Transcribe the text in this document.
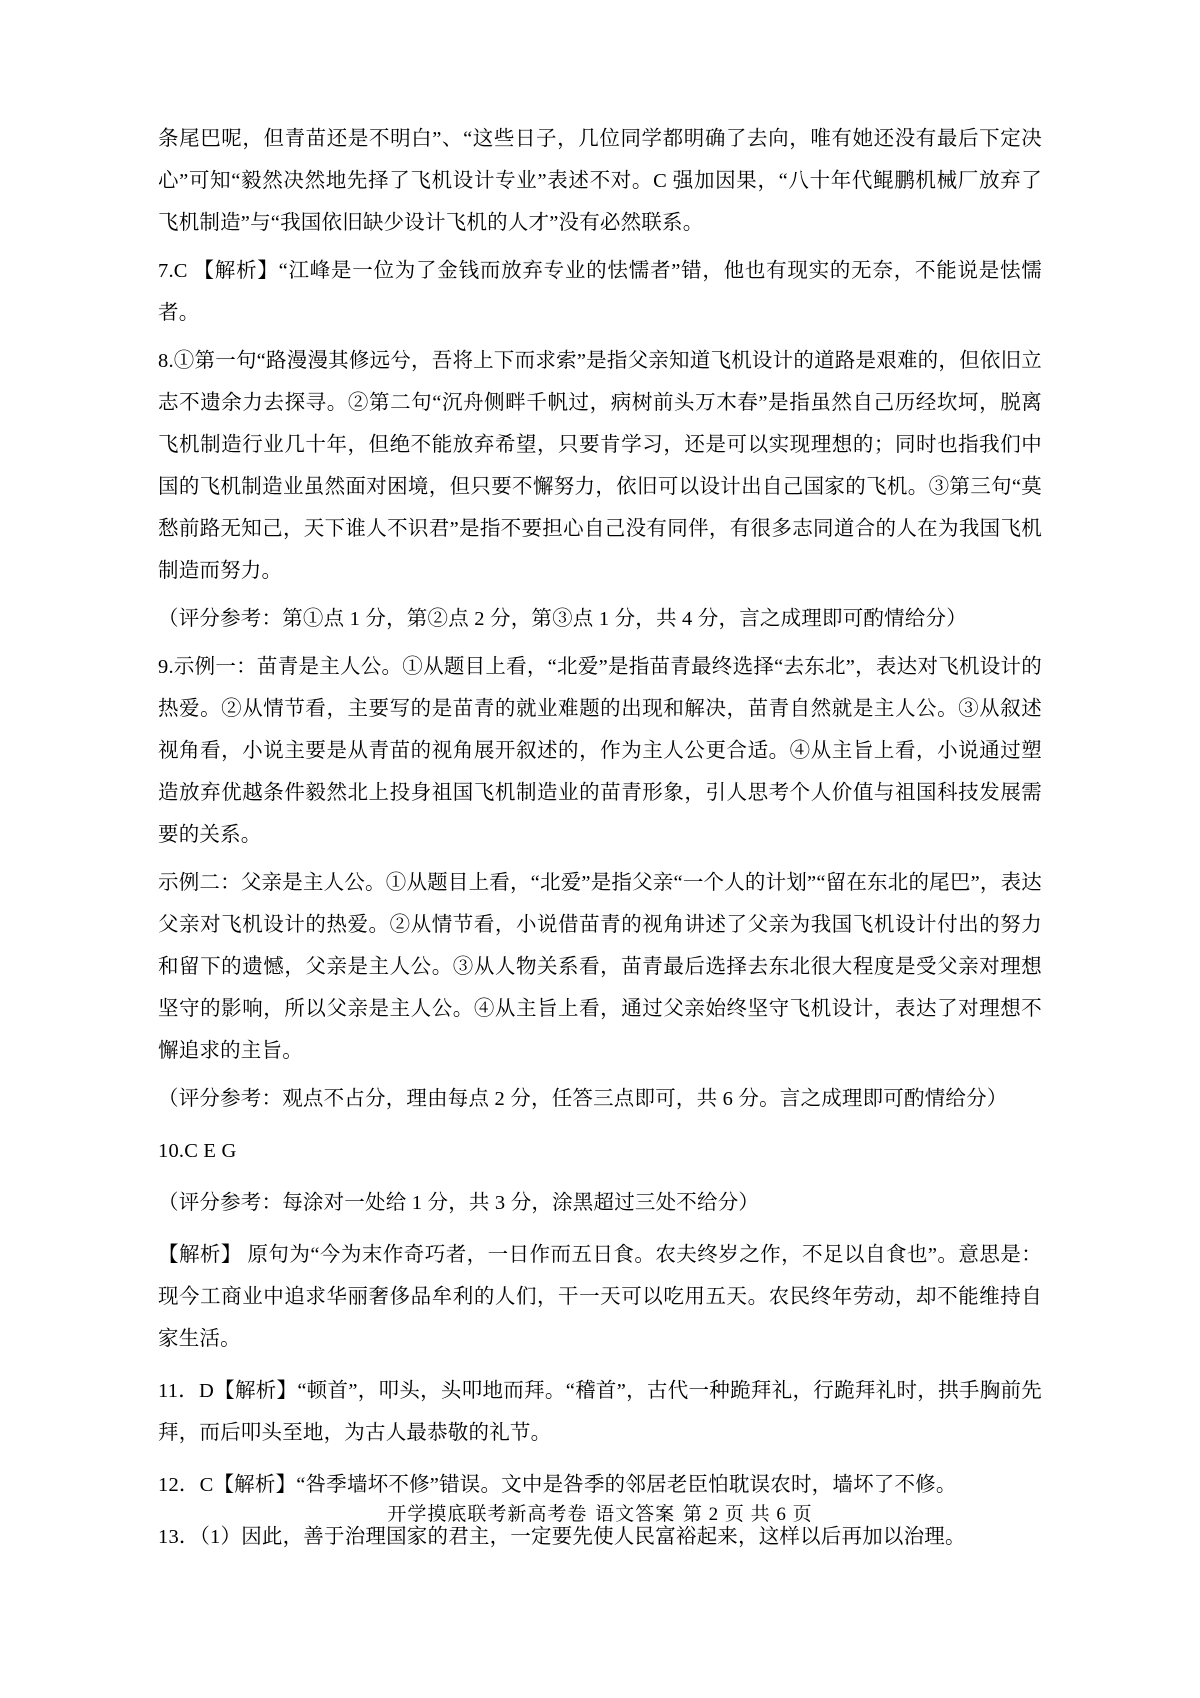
条尾巴呢，但青苗还是不明白”、“这些日子，几位同学都明确了去向，唯有她还没有最后下定决心”可知“毅然决然地先择了飞机设计专业”表述不对。C 强加因果，“八十年代鲲鹏机械厂放弃了飞机制造”与“我国依旧缺少设计飞机的人才”没有必然联系。

7.C 【解析】“江峰是一位为了金钱而放弃专业的怯懦者”错，他也有现实的无奈，不能说是怯懦者。

8.①第一句“路漫漫其修远兮，吾将上下而求索”是指父亲知道飞机设计的道路是艰难的，但依旧立志不遗余力去探寻。②第二句“沉舟侧畔千帆过，病树前头万木春”是指虽然自己历经坎坷，脱离飞机制造行业几十年，但绝不能放弃希望，只要肯学习，还是可以实现理想的；同时也指我们中国的飞机制造业虽然面对困境，但只要不懈努力，依旧可以设计出自己国家的飞机。③第三句“莫愁前路无知己，天下谁人不识君”是指不要担心自己没有同伴，有很多志同道合的人在为我国飞机制造而努力。

（评分参考：第①点 1 分，第②点 2 分，第③点 1 分，共 4 分，言之成理即可酌情给分）

9.示例一：苗青是主人公。①从题目上看，“北爱”是指苗青最终选择“去东北”，表达对飞机设计的热爱。②从情节看，主要写的是苗青的就业难题的出现和解决，苗青自然就是主人公。③从叙述视角看，小说主要是从青苗的视角展开叙述的，作为主人公更合适。④从主旨上看，小说通过塑造放弃优越条件毅然北上投身祖国飞机制造业的苗青形象，引人思考个人价值与祖国科技发展需要的关系。

示例二：父亲是主人公。①从题目上看，“北爱”是指父亲“一个人的计划”“留在东北的尾巴”，表达父亲对飞机设计的热爱。②从情节看，小说借苗青的视角讲述了父亲为我国飞机设计付出的努力和留下的遗憾，父亲是主人公。③从人物关系看，苗青最后选择去东北很大程度是受父亲对理想坚守的影响，所以父亲是主人公。④从主旨上看，通过父亲始终坚守飞机设计，表达了对理想不懈追求的主旨。

（评分参考：观点不占分，理由每点 2 分，任答三点即可，共 6 分。言之成理即可酌情给分）

10.C E G

（评分参考：每涂对一处给 1 分，共 3 分，涂黑超过三处不给分）

【解析】 原句为“今为末作奇巧者，一日作而五日食。农夫终岁之作，不足以自食也”。意思是：现今工商业中追求华丽奢侈品牟利的人们，干一天可以吃用五天。农民终年劳动，却不能维持自家生活。

11．D【解析】“顿首”，叩头，头叩地而拜。“稽首”，古代一种跪拜礼，行跪拜礼时，拱手胸前先拜，而后叩头至地，为古人最恭敬的礼节。

12．C【解析】“咎季墙坏不修”错误。文中是咎季的邻居老臣怕耽误农时，墙坏了不修。

13．（1）因此，善于治理国家的君主，一定要先使人民富裕起来，这样以后再加以治理。

开学摸底联考新高考卷 语文答案 第 2 页 共 6 页
